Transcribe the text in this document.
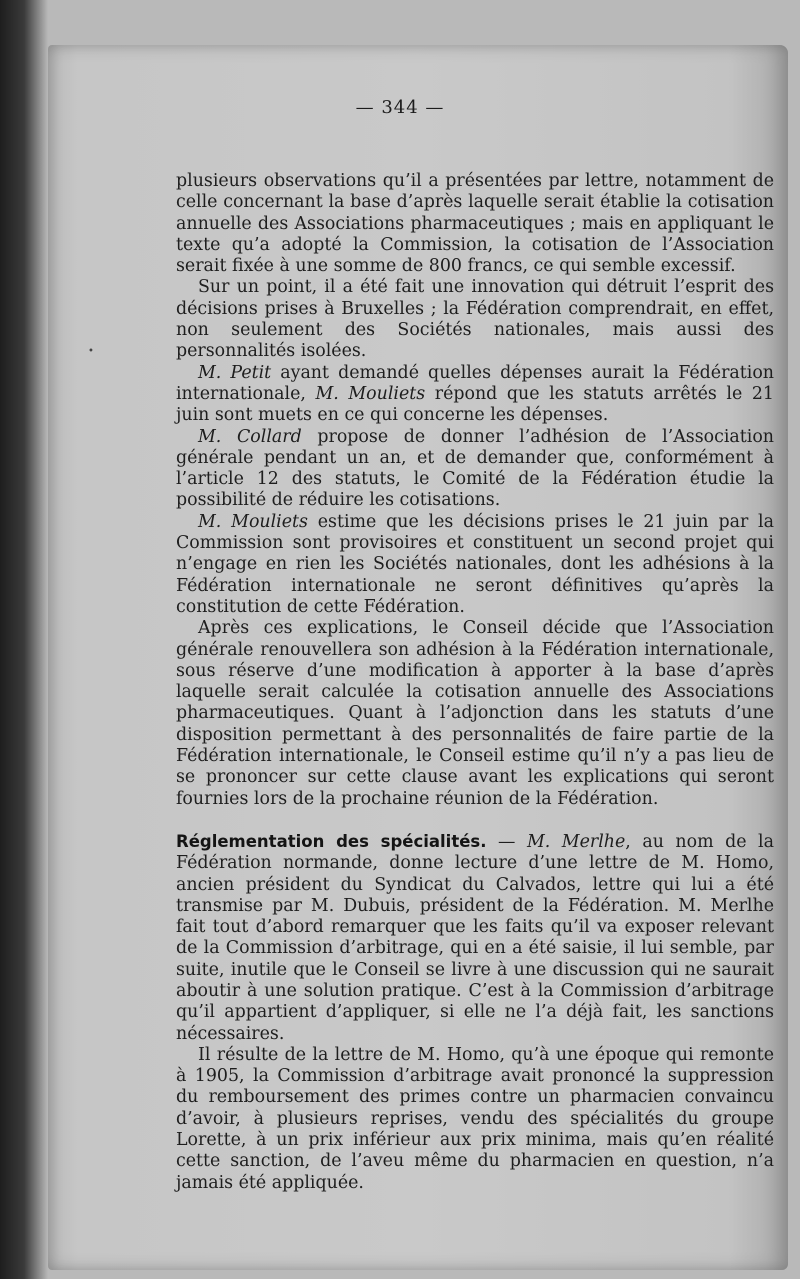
— 344 —
•

plusieurs observations qu’il a présentées par lettre, notamment de celle concernant la base d’après laquelle serait établie la cotisation annuelle des Associations pharmaceutiques ; mais en appliquant le texte qu’a adopté la Commission, la cotisation de l’Association serait fixée à une somme de 800 francs, ce qui semble excessif.

Sur un point, il a été fait une innovation qui détruit l’esprit des décisions prises à Bruxelles ; la Fédération comprendrait, en effet, non seulement des Sociétés nationales, mais aussi des personnalités isolées.

M. Petit ayant demandé quelles dépenses aurait la Fédération internationale, M. Mouliets répond que les statuts arrêtés le 21 juin sont muets en ce qui concerne les dépenses.

M. Collard propose de donner l’adhésion de l’Association générale pendant un an, et de demander que, conformément à l’article 12 des statuts, le Comité de la Fédération étudie la possibilité de réduire les cotisations.

M. Mouliets estime que les décisions prises le 21 juin par la Commission sont provisoires et constituent un second projet qui n’engage en rien les Sociétés nationales, dont les adhésions à la Fédération internationale ne seront définitives qu’après la constitution de cette Fédération.

Après ces explications, le Conseil décide que l’Association générale renouvellera son adhésion à la Fédération internationale, sous réserve d’une modification à apporter à la base d’après laquelle serait calculée la cotisation annuelle des Associations pharmaceutiques. Quant à l’adjonction dans les statuts d’une disposition permettant à des personnalités de faire partie de la Fédération internationale, le Conseil estime qu’il n’y a pas lieu de se prononcer sur cette clause avant les explications qui seront fournies lors de la prochaine réunion de la Fédération.

Réglementation des spécialités. — M. Merlhe, au nom de la Fédération normande, donne lecture d’une lettre de M. Homo, ancien président du Syndicat du Calvados, lettre qui lui a été transmise par M. Dubuis, président de la Fédération. M. Merlhe fait tout d’abord remarquer que les faits qu’il va exposer relevant de la Commission d’arbitrage, qui en a été saisie, il lui semble, par suite, inutile que le Conseil se livre à une discussion qui ne saurait aboutir à une solution pratique. C’est à la Commission d’arbitrage qu’il appartient d’appliquer, si elle ne l’a déjà fait, les sanctions nécessaires.

Il résulte de la lettre de M. Homo, qu’à une époque qui remonte à 1905, la Commission d’arbitrage avait prononcé la suppression du remboursement des primes contre un pharmacien convaincu d’avoir, à plusieurs reprises, vendu des spécialités du groupe Lorette, à un prix inférieur aux prix minima, mais qu’en réalité cette sanction, de l’aveu même du pharmacien en question, n’a jamais été appliquée.
